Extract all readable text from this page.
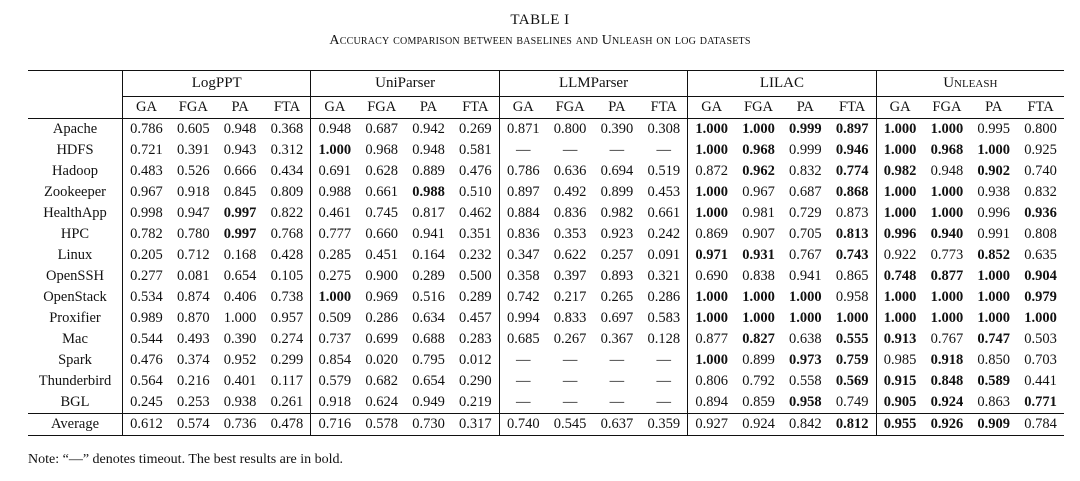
TABLE I
Accuracy comparison between baselines and Unleash on log datasets
	LogPPT				UniParser				LLMParser				LILAC				Unleash			
	GA	FGA	PA	FTA	GA	FGA	PA	FTA	GA	FGA	PA	FTA	GA	FGA	PA	FTA	GA	FGA	PA	FTA
Apache	0.786	0.605	0.948	0.368	0.948	0.687	0.942	0.269	0.871	0.800	0.390	0.308	1.000	1.000	0.999	0.897	1.000	1.000	0.995	0.800
HDFS	0.721	0.391	0.943	0.312	1.000	0.968	0.948	0.581	—	—	—	—	1.000	0.968	0.999	0.946	1.000	0.968	1.000	0.925
Hadoop	0.483	0.526	0.666	0.434	0.691	0.628	0.889	0.476	0.786	0.636	0.694	0.519	0.872	0.962	0.832	0.774	0.982	0.948	0.902	0.740
Zookeeper	0.967	0.918	0.845	0.809	0.988	0.661	0.988	0.510	0.897	0.492	0.899	0.453	1.000	0.967	0.687	0.868	1.000	1.000	0.938	0.832
HealthApp	0.998	0.947	0.997	0.822	0.461	0.745	0.817	0.462	0.884	0.836	0.982	0.661	1.000	0.981	0.729	0.873	1.000	1.000	0.996	0.936
HPC	0.782	0.780	0.997	0.768	0.777	0.660	0.941	0.351	0.836	0.353	0.923	0.242	0.869	0.907	0.705	0.813	0.996	0.940	0.991	0.808
Linux	0.205	0.712	0.168	0.428	0.285	0.451	0.164	0.232	0.347	0.622	0.257	0.091	0.971	0.931	0.767	0.743	0.922	0.773	0.852	0.635
OpenSSH	0.277	0.081	0.654	0.105	0.275	0.900	0.289	0.500	0.358	0.397	0.893	0.321	0.690	0.838	0.941	0.865	0.748	0.877	1.000	0.904
OpenStack	0.534	0.874	0.406	0.738	1.000	0.969	0.516	0.289	0.742	0.217	0.265	0.286	1.000	1.000	1.000	0.958	1.000	1.000	1.000	0.979
Proxifier	0.989	0.870	1.000	0.957	0.509	0.286	0.634	0.457	0.994	0.833	0.697	0.583	1.000	1.000	1.000	1.000	1.000	1.000	1.000	1.000
Mac	0.544	0.493	0.390	0.274	0.737	0.699	0.688	0.283	0.685	0.267	0.367	0.128	0.877	0.827	0.638	0.555	0.913	0.767	0.747	0.503
Spark	0.476	0.374	0.952	0.299	0.854	0.020	0.795	0.012	—	—	—	—	1.000	0.899	0.973	0.759	0.985	0.918	0.850	0.703
Thunderbird	0.564	0.216	0.401	0.117	0.579	0.682	0.654	0.290	—	—	—	—	0.806	0.792	0.558	0.569	0.915	0.848	0.589	0.441
BGL	0.245	0.253	0.938	0.261	0.918	0.624	0.949	0.219	—	—	—	—	0.894	0.859	0.958	0.749	0.905	0.924	0.863	0.771
Average	0.612	0.574	0.736	0.478	0.716	0.578	0.730	0.317	0.740	0.545	0.637	0.359	0.927	0.924	0.842	0.812	0.955	0.926	0.909	0.784
Note: “—” denotes timeout. The best results are in bold.
